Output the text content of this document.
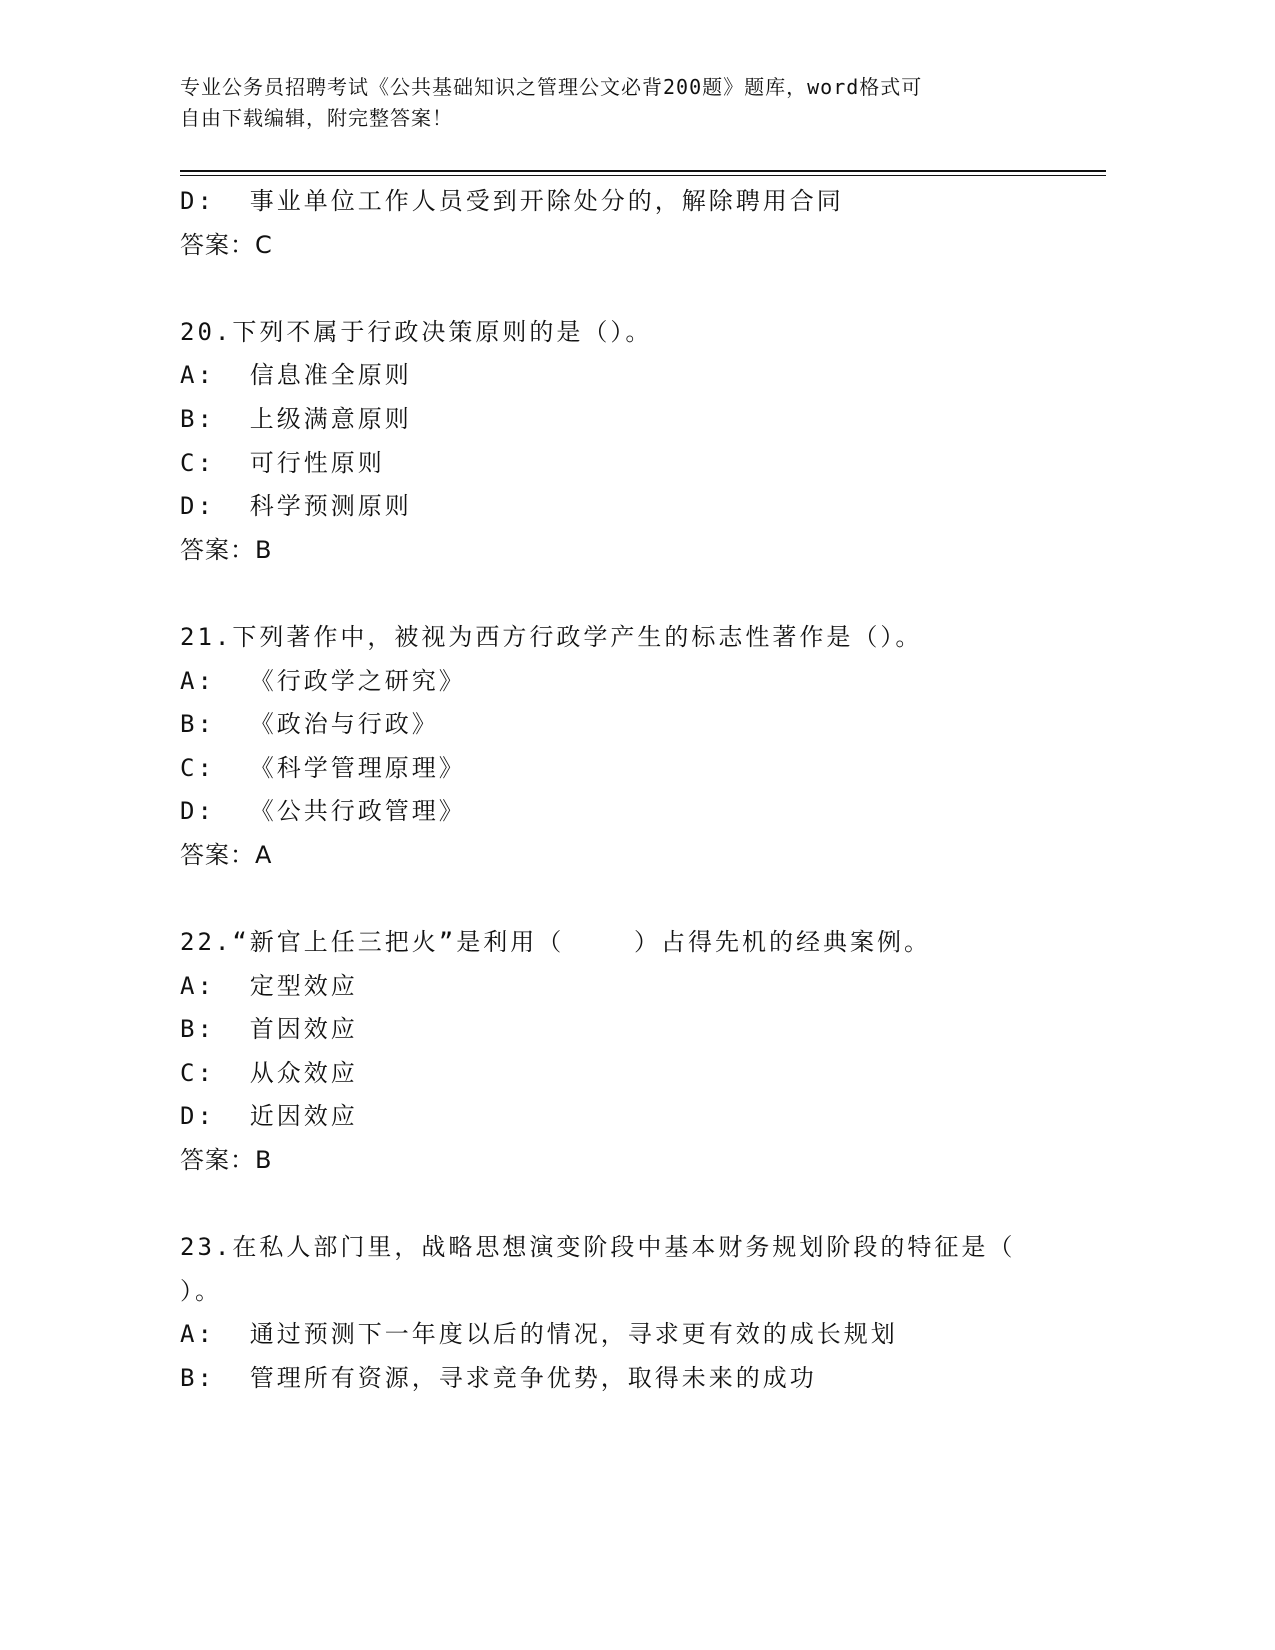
专业公务员招聘考试《公共基础知识之管理公文必背200题》题库，word格式可
自由下载编辑，附完整答案！
D:  事业单位工作人员受到开除处分的，解除聘用合同
答案：C
20.下列不属于行政决策原则的是（）。
A:  信息准全原则
B:  上级满意原则
C:  可行性原则
D:  科学预测原则
答案：B
21.下列著作中，被视为西方行政学产生的标志性著作是（）。
A:  《行政学之研究》
B:  《政治与行政》
C:  《科学管理原理》
D:  《公共行政管理》
答案：A
22.“新官上任三把火”是利用（    ）占得先机的经典案例。
A:  定型效应
B:  首因效应
C:  从众效应
D:  近因效应
答案：B
23.在私人部门里，战略思想演变阶段中基本财务规划阶段的特征是（
）。
A:  通过预测下一年度以后的情况，寻求更有效的成长规划
B:  管理所有资源，寻求竞争优势，取得未来的成功
